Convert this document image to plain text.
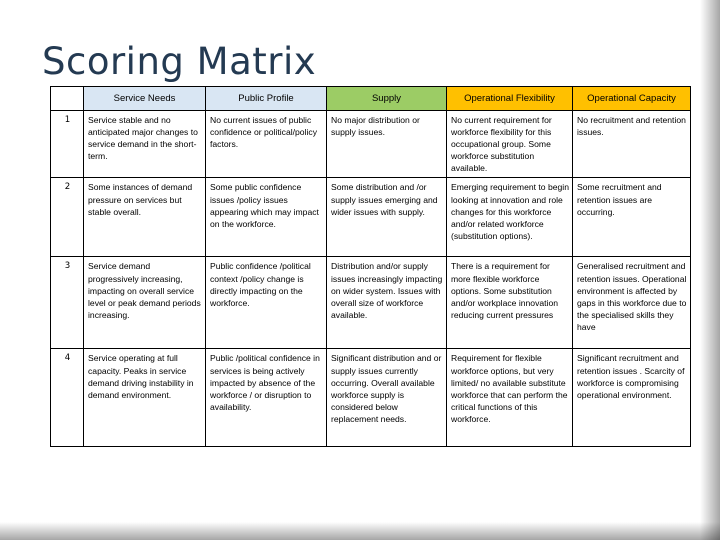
Scoring Matrix
	Service Needs	Public Profile	Supply	Operational Flexibility	Operational Capacity
1	Service stable and no anticipated major changes to service demand in the short-term.	No current issues of public confidence or political/policy factors.	No major distribution or supply issues.	No current requirement for workforce flexibility for this occupational group. Some workforce substitution available.	No recruitment and retention issues.
2	Some instances of demand pressure on services but stable overall.	Some public confidence issues /policy issues appearing which may impact on the workforce.	Some distribution and /or supply issues emerging and wider issues with supply.	Emerging requirement to begin looking at innovation and role changes for this workforce and/or related workforce (substitution options).	Some recruitment and retention issues are occurring.
3	Service demand progressively increasing, impacting on overall service level or peak demand periods increasing.	Public confidence /political context /policy change is directly impacting on the workforce.	Distribution and/or supply issues increasingly impacting on wider system. Issues with overall size of workforce available.	There is a requirement for more flexible workforce options. Some substitution and/or workplace innovation reducing current pressures	Generalised recruitment and retention issues. Operational environment is affected by gaps in this workforce due to the specialised skills they have
4	Service operating at full capacity. Peaks in service demand driving instability in demand environment.	Public /political confidence in services is being actively impacted by absence of the workforce / or disruption to availability.	Significant distribution and or supply issues currently occurring. Overall available workforce supply is considered below replacement needs.	Requirement for flexible workforce options, but very limited/ no available substitute workforce that can perform the critical functions of this workforce.	Significant recruitment and retention issues . Scarcity of workforce is compromising operational environment.
